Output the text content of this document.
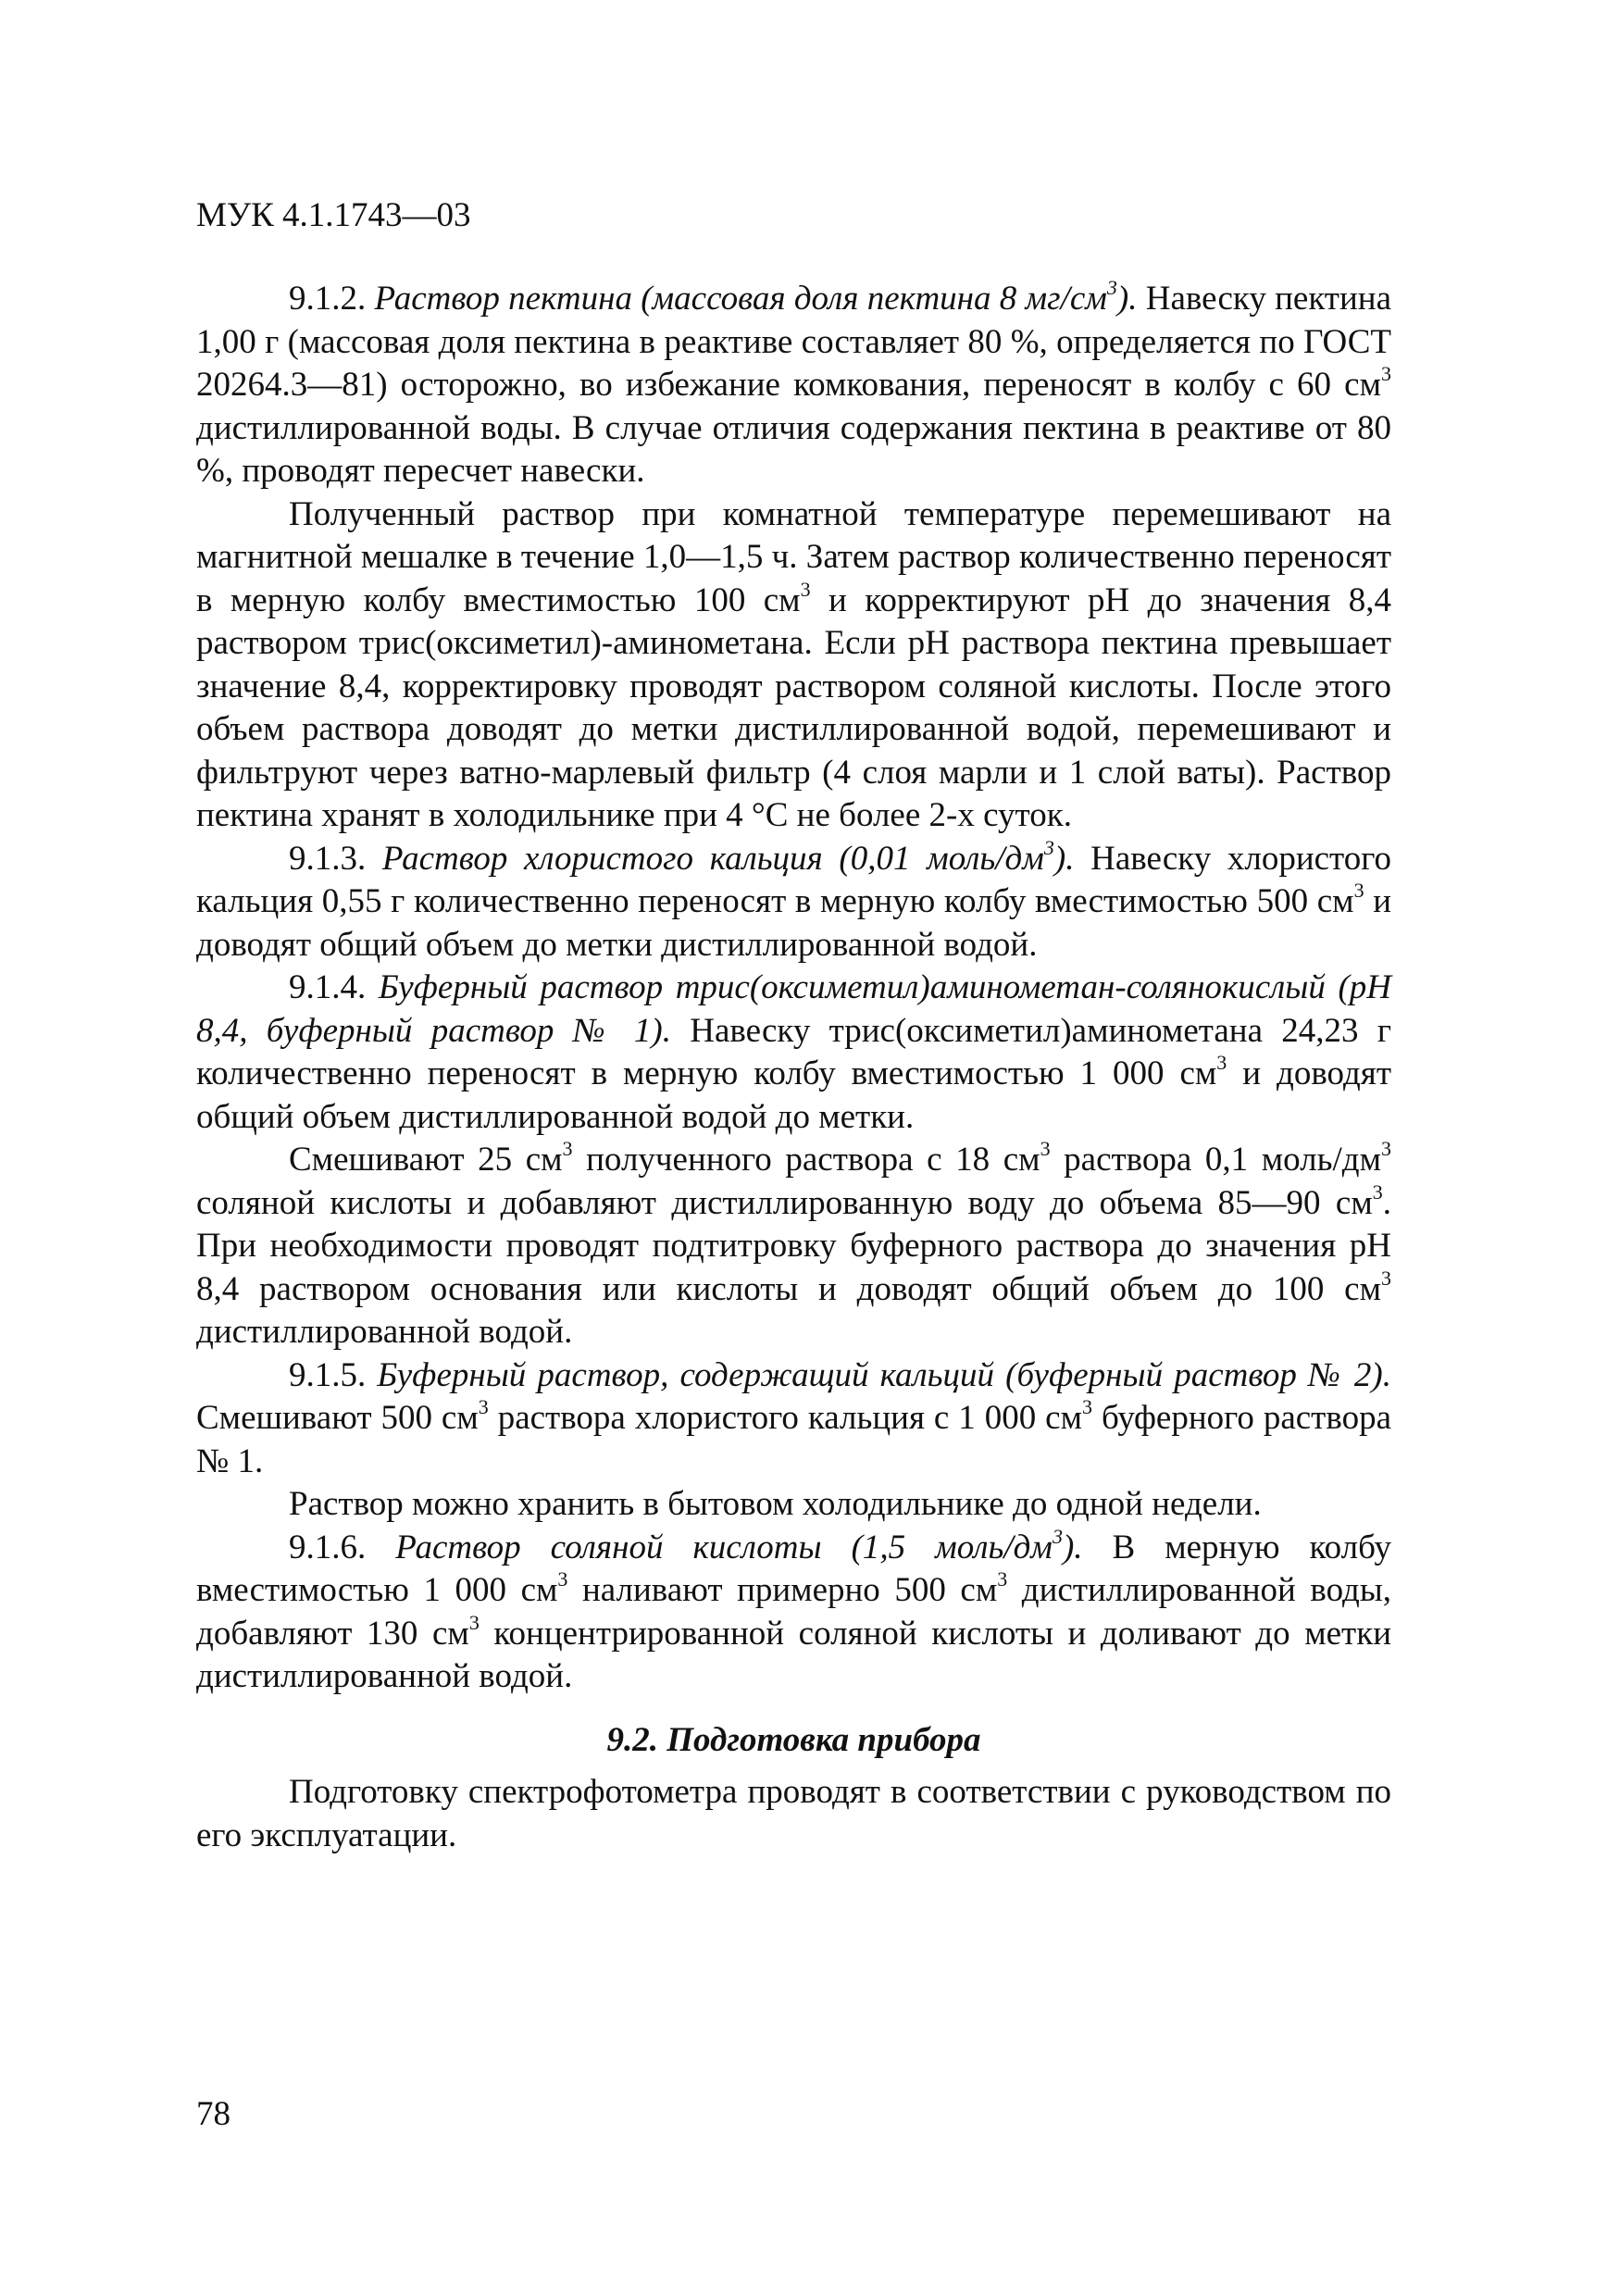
МУК 4.1.1743—03

9.1.2. Раствор пектина (массовая доля пектина 8 $мг/см^3$). Навеску пектина 1,00 г (массовая доля пектина в реактиве составляет 80 %, определяется по ГОСТ 20264.3—81) осторожно, во избежание комкования, переносят в колбу с 60 $см^3$ дистиллированной воды. В случае отличия содержания пектина в реактиве от 80 %, проводят пересчет навески.

Полученный раствор при комнатной температуре перемешивают на магнитной мешалке в течение 1,0—1,5 ч. Затем раствор количественно переносят в мерную колбу вместимостью 100 $см^3$ и корректируют pH до значения 8,4 раствором трис(оксиметил)-аминометана. Если pH раствора пектина превышает значение 8,4, корректировку проводят раствором соляной кислоты. После этого объем раствора доводят до метки дистиллированной водой, перемешивают и фильтруют через ватно-марлевый фильтр (4 слоя марли и 1 слой ваты). Раствор пектина хранят в холодильнике при 4 °С не более 2-х суток.

9.1.3. Раствор хлористого кальция (0,01 моль/$дм^3$). Навеску хлористого кальция 0,55 г количественно переносят в мерную колбу вместимостью 500 $см^3$ и доводят общий объем до метки дистиллированной водой.

9.1.4. Буферный раствор трис(оксиметил)аминометан-солянокислый (pH 8,4, буферный раствор № 1). Навеску трис(оксиметил)аминометана 24,23 г количественно переносят в мерную колбу вместимостью 1 000 $см^3$ и доводят общий объем дистиллированной водой до метки.

Смешивают 25 $см^3$ полученного раствора с 18 $см^3$ раствора 0,1 моль/$дм^3$ соляной кислоты и добавляют дистиллированную воду до объема 85—90 $см^3$. При необходимости проводят подтитровку буферного раствора до значения pH 8,4 раствором основания или кислоты и доводят общий объем до 100 $см^3$ дистиллированной водой.

9.1.5. Буферный раствор, содержащий кальций (буферный раствор № 2). Смешивают 500 $см^3$ раствора хлористого кальция с 1 000 $см^3$ буферного раствора № 1.

Раствор можно хранить в бытовом холодильнике до одной недели.

9.1.6. Раствор соляной кислоты (1,5 моль/$дм^3$). В мерную колбу вместимостью 1 000 $см^3$ наливают примерно 500 $см^3$ дистиллированной воды, добавляют 130 $см^3$ концентрированной соляной кислоты и доливают до метки дистиллированной водой.

9.2. Подготовка прибора

Подготовку спектрофотометра проводят в соответствии с руководством по его эксплуатации.

78
